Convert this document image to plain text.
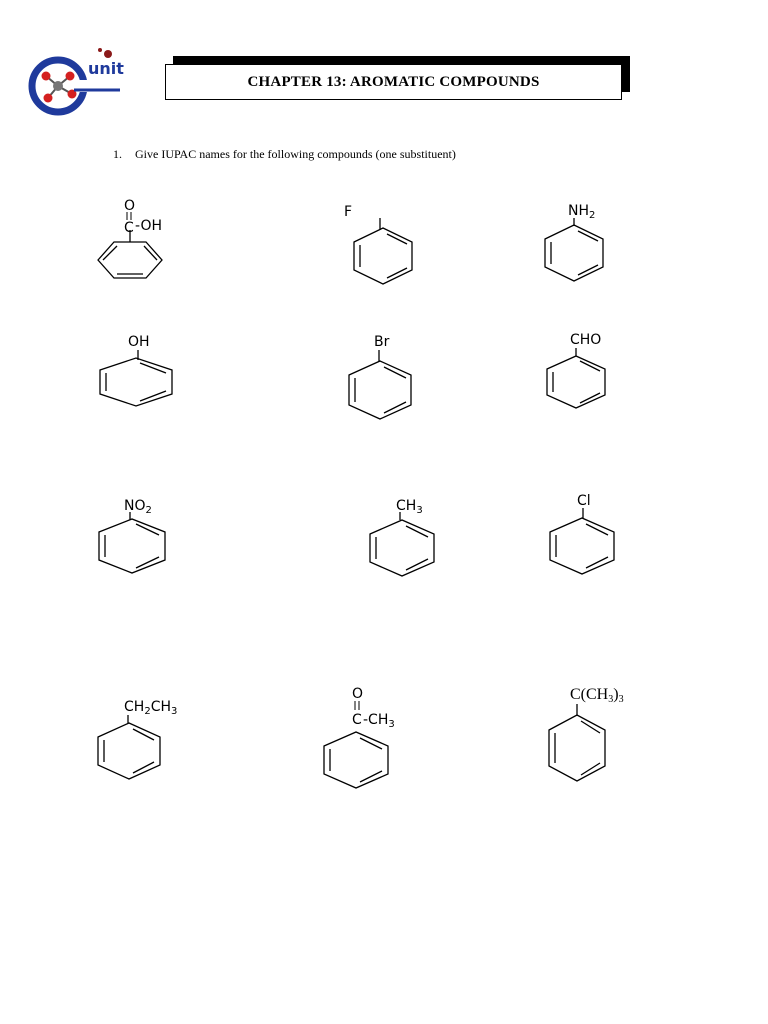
unit
CHAPTER 13: AROMATIC COMPOUNDS
1. Give IUPAC names for the following compounds (one substituent)
O
C -OH
F	$NH_2$
OH	Br	CHO
$NO_2$	$CH_3$
Cl
$CH_2CH_3$
O
C $-CH_3$
C(CH3)3
